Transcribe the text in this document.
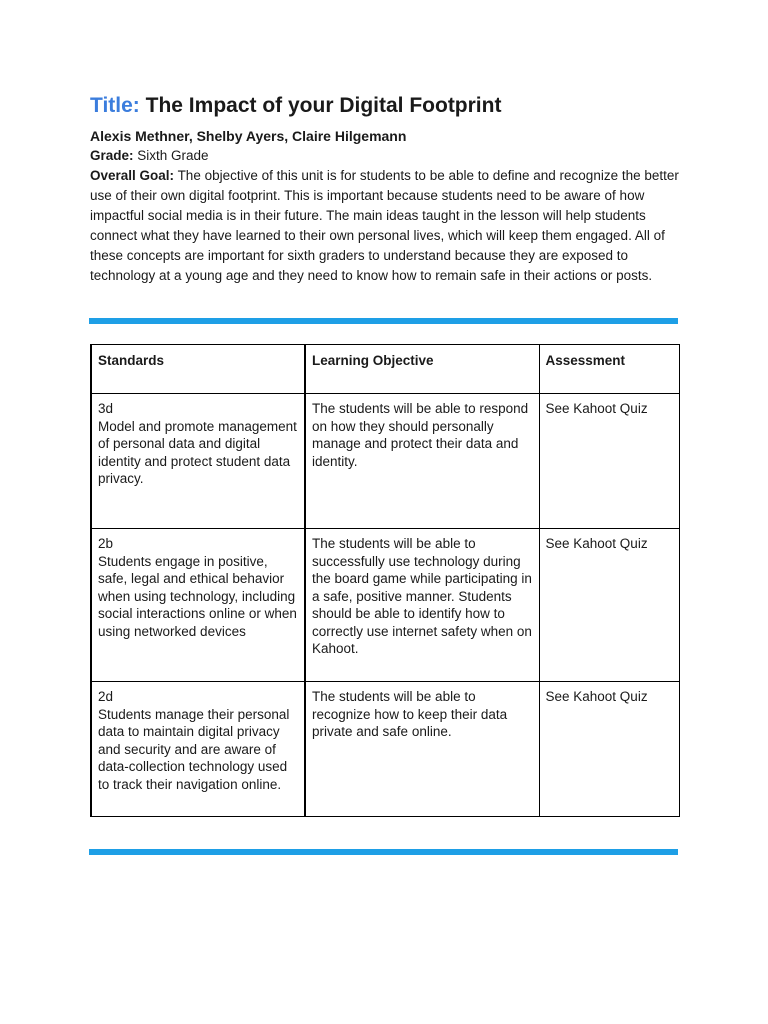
Title: The Impact of your Digital Footprint
Alexis Methner, Shelby Ayers, Claire Hilgemann
Grade: Sixth Grade
Overall Goal: The objective of this unit is for students to be able to define and recognize the better use of their own digital footprint. This is important because students need to be aware of how impactful social media is in their future. The main ideas taught in the lesson will help students connect what they have learned to their own personal lives, which will keep them engaged. All of these concepts are important for sixth graders to understand because they are exposed to technology at a young age and they need to know how to remain safe in their actions or posts.
Standards	Learning Objective	Assessment

3d
Model and promote management of personal data and digital identity and protect student data privacy.	The students will be able to respond on how they should personally manage and protect their data and identity.	See Kahoot Quiz

2b
Students engage in positive, safe, legal and ethical behavior when using technology, including social interactions online or when using networked devices	The students will be able to successfully use technology during the board game while participating in a safe, positive manner. Students should be able to identify how to correctly use internet safety when on Kahoot.	See Kahoot Quiz

2d
Students manage their personal data to maintain digital privacy and security and are aware of data-collection technology used to track their navigation online.	The students will be able to recognize how to keep their data private and safe online.	See Kahoot Quiz
